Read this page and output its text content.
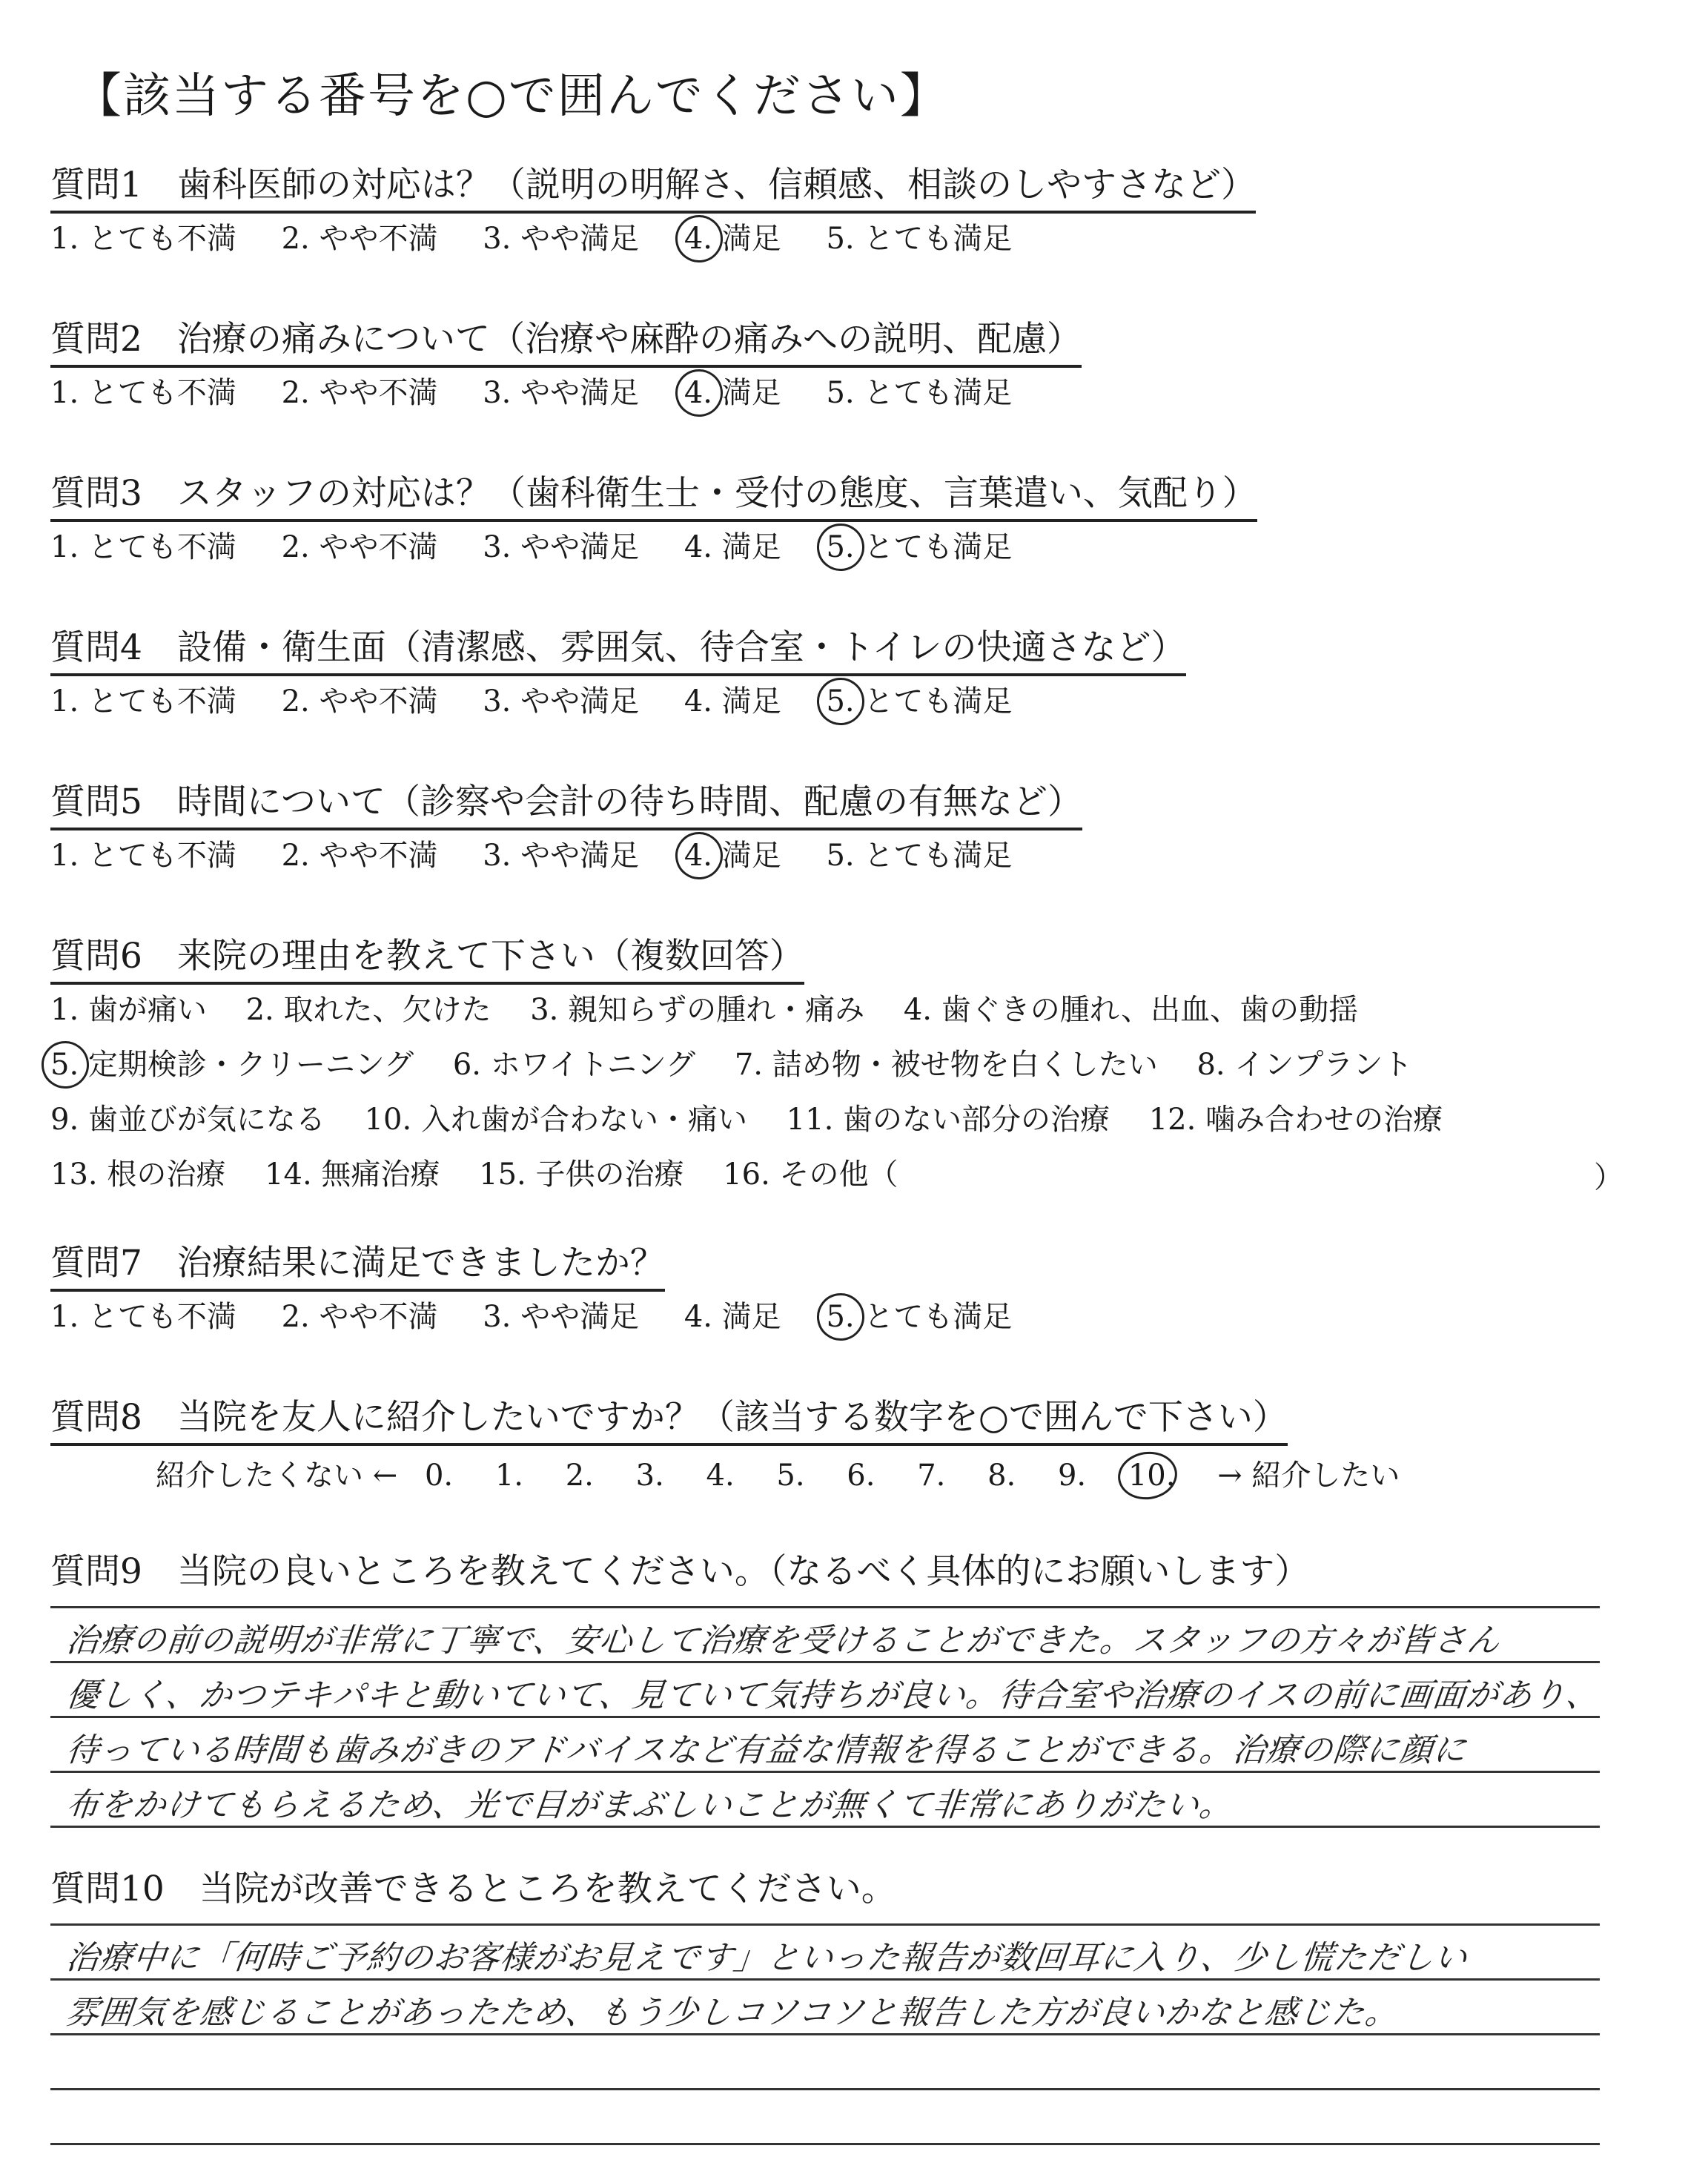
【該当する番号を○で囲んでください】
質問1　歯科医師の対応は？（説明の明解さ、信頼感、相談のしやすさなど）
1. とても不満 2. やや不満 3. やや満足 4. 満足 5. とても満足
質問2　治療の痛みについて（治療や麻酔の痛みへの説明、配慮）
1. とても不満 2. やや不満 3. やや満足 4. 満足 5. とても満足
質問3　スタッフの対応は？（歯科衛生士・受付の態度、言葉遣い、気配り）
1. とても不満 2. やや不満 3. やや満足 4. 満足 5. とても満足
質問4　設備・衛生面（清潔感、雰囲気、待合室・トイレの快適さなど）
1. とても不満 2. やや不満 3. やや満足 4. 満足 5. とても満足
質問5　時間について（診察や会計の待ち時間、配慮の有無など）
1. とても不満 2. やや不満 3. やや満足 4. 満足 5. とても満足
質問6　来院の理由を教えて下さい（複数回答）
1. 歯が痛い 2. 取れた、欠けた 3. 親知らずの腫れ・痛み 4. 歯ぐきの腫れ、出血、歯の動揺
5. 定期検診・クリーニング 6. ホワイトニング 7. 詰め物・被せ物を白くしたい 8. インプラント
9. 歯並びが気になる 10. 入れ歯が合わない・痛い 11. 歯のない部分の治療 12. 噛み合わせの治療
13. 根の治療 14. 無痛治療 15. 子供の治療 16. その他（	）
質問7　治療結果に満足できましたか？
1. とても不満 2. やや不満 3. やや満足 4. 満足 5. とても満足
質問8　当院を友人に紹介したいですか？（該当する数字を○で囲んで下さい）
紹介したくない ← 0. 1. 2. 3. 4. 5. 6. 7. 8. 9. 10. → 紹介したい
質問9　当院の良いところを教えてください。（なるべく具体的にお願いします）
治療の前の説明が非常に丁寧で、安心して治療を受けることができた。スタッフの方々が皆さん
優しく、かつテキパキと動いていて、見ていて気持ちが良い。待合室や治療のイスの前に画面があり、
待っている時間も歯みがきのアドバイスなど有益な情報を得ることができる。治療の際に顔に
布をかけてもらえるため、光で目がまぶしいことが無くて非常にありがたい。
質問10　当院が改善できるところを教えてください。
治療中に「何時ご予約のお客様がお見えです」といった報告が数回耳に入り、少し慌ただしい
雰囲気を感じることがあったため、もう少しコソコソと報告した方が良いかなと感じた。
